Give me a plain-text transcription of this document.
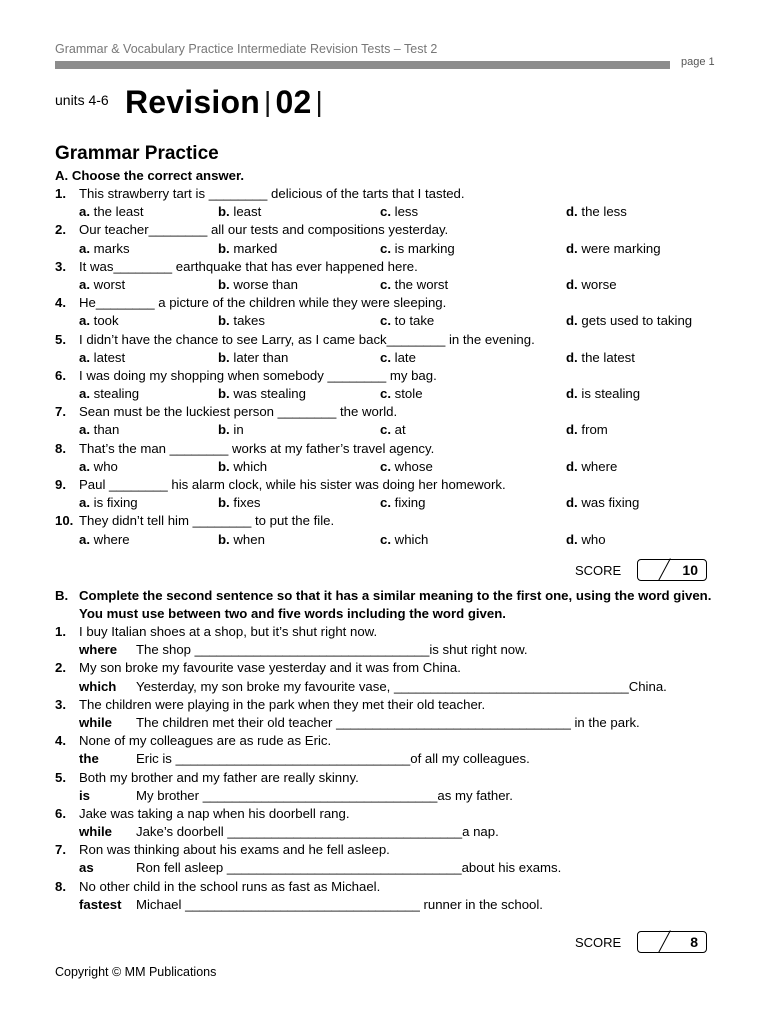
Grammar & Vocabulary Practice Intermediate Revision Tests – Test 2
page 1
units 4-6 Revision | 02 |
Grammar Practice
A. Choose the correct answer.
1. This strawberry tart is ________ delicious of the tarts that I tasted.
a. the least	b. least	c. less	d. the less
2. Our teacher________ all our tests and compositions yesterday.
a. marks	b. marked	c. is marking	d. were marking
3. It was________ earthquake that has ever happened here.
a. worst	b. worse than	c. the worst	d. worse
4. He________ a picture of the children while they were sleeping.
a. took	b. takes	c. to take	d. gets used to taking
5. I didn’t have the chance to see Larry, as I came back________ in the evening.
a. latest	b. later than	c. late	d. the latest
6. I was doing my shopping when somebody ________ my bag.
a. stealing	b. was stealing	c. stole	d. is stealing
7. Sean must be the luckiest person ________ the world.
a. than	b. in	c. at	d. from
8. That’s the man ________ works at my father’s travel agency.
a. who	b. which	c. whose	d. where
9. Paul ________ his alarm clock, while his sister was doing her homework.
a. is fixing	b. fixes	c. fixing	d. was fixing
10. They didn’t tell him ________ to put the file.
a. where	b. when	c. which	d. who
SCORE	10
B. Complete the second sentence so that it has a similar meaning to the first one, using the word given. You must use between two and five words including the word given.
1. I buy Italian shoes at a shop, but it’s shut right now.
where The shop ________________________________is shut right now.
2. My son broke my favourite vase yesterday and it was from China.
which Yesterday, my son broke my favourite vase, ________________________________China.
3. The children were playing in the park when they met their old teacher.
while The children met their old teacher ________________________________ in the park.
4. None of my colleagues are as rude as Eric.
the	Eric is ________________________________of all my colleagues.
5. Both my brother and my father are really skinny.
is	My brother ________________________________as my father.
6. Jake was taking a nap when his doorbell rang.
while Jake’s doorbell ________________________________a nap.
7. Ron was thinking about his exams and he fell asleep.
as	Ron fell asleep ________________________________about his exams.
8. No other child in the school runs as fast as Michael.
fastest Michael ________________________________ runner in the school.
SCORE	8
Copyright © MM Publications
